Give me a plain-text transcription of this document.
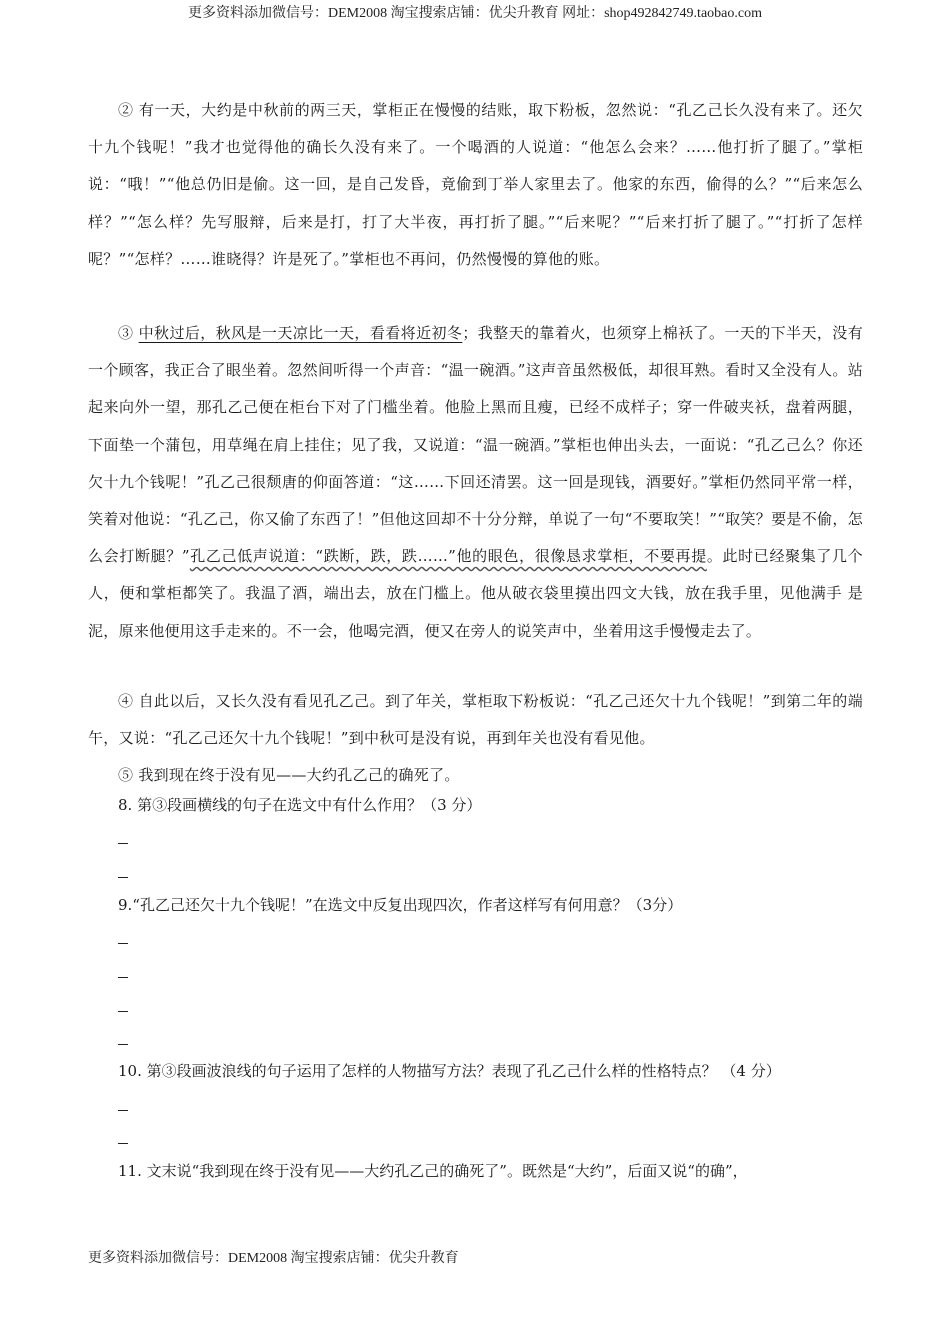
更多资料添加微信号：DEM2008 淘宝搜索店铺：优尖升教育 网址：shop492842749.taobao.com
② 有一天，大约是中秋前的两三天，掌柜正在慢慢的结账，取下粉板，忽然说：“孔乙己长久没有来了。还欠十九个钱呢！”我才也觉得他的确长久没有来了。一个喝酒的人说道：“他怎么会来？……他打折了腿了。”掌柜说：“哦！”“他总仍旧是偷。这一回，是自己发昏，竟偷到丁举人家里去了。他家的东西，偷得的么？”“后来怎么样？”“怎么样？先写服辩，后来是打，打了大半夜，再打折了腿。”“后来呢？”“后来打折了腿了。”“打折了怎样呢？”“怎样？……谁晓得？许是死了。”掌柜也不再问，仍然慢慢的算他的账。
③ 中秋过后，秋风是一天凉比一天，看看将近初冬；我整天的靠着火，也须穿上棉袄了。一天的下半天，没有一个顾客，我正合了眼坐着。忽然间听得一个声音：“温一碗酒。”这声音虽然极低，却很耳熟。看时又全没有人。站起来向外一望，那孔乙己便在柜台下对了门槛坐着。他脸上黑而且瘦，已经不成样子；穿一件破夹袄，盘着两腿，下面垫一个蒲包，用草绳在肩上挂住；见了我，又说道：“温一碗酒。”掌柜也伸出头去，一面说：“孔乙己么？你还欠十九个钱呢！”孔乙己很颓唐的仰面答道：“这……下回还清罢。这一回是现钱，酒要好。”掌柜仍然同平常一样，笑着对他说：“孔乙己，你又偷了东西了！”但他这回却不十分分辩，单说了一句“不要取笑！”“取笑？要是不偷，怎么会打断腿？”孔乙己低声说道：“跌断，跌，跌……”他的眼色，很像恳求掌柜，不要再提。此时已经聚集了几个人，便和掌柜都笑了。我温了酒，端出去，放在门槛上。他从破衣袋里摸出四文大钱，放在我手里，见他满手 是泥，原来他便用这手走来的。不一会，他喝完酒，便又在旁人的说笑声中，坐着用这手慢慢走去了。
④ 自此以后，又长久没有看见孔乙己。到了年关，掌柜取下粉板说：“孔乙己还欠十九个钱呢！”到第二年的端午，又说：“孔乙己还欠十九个钱呢！”到中秋可是没有说，再到年关也没有看见他。
⑤ 我到现在终于没有见——大约孔乙己的确死了。
8. 第③段画横线的句子在选文中有什么作用？（3 分）
9.“孔乙己还欠十九个钱呢！”在选文中反复出现四次，作者这样写有何用意？（3分）
10. 第③段画波浪线的句子运用了怎样的人物描写方法？表现了孔乙己什么样的性格特点？ （4 分）
11. 文末说“我到现在终于没有见——大约孔乙己的确死了”。既然是“大约”，后面又说“的确”，
更多资料添加微信号：DEM2008 淘宝搜索店铺：优尖升教育
